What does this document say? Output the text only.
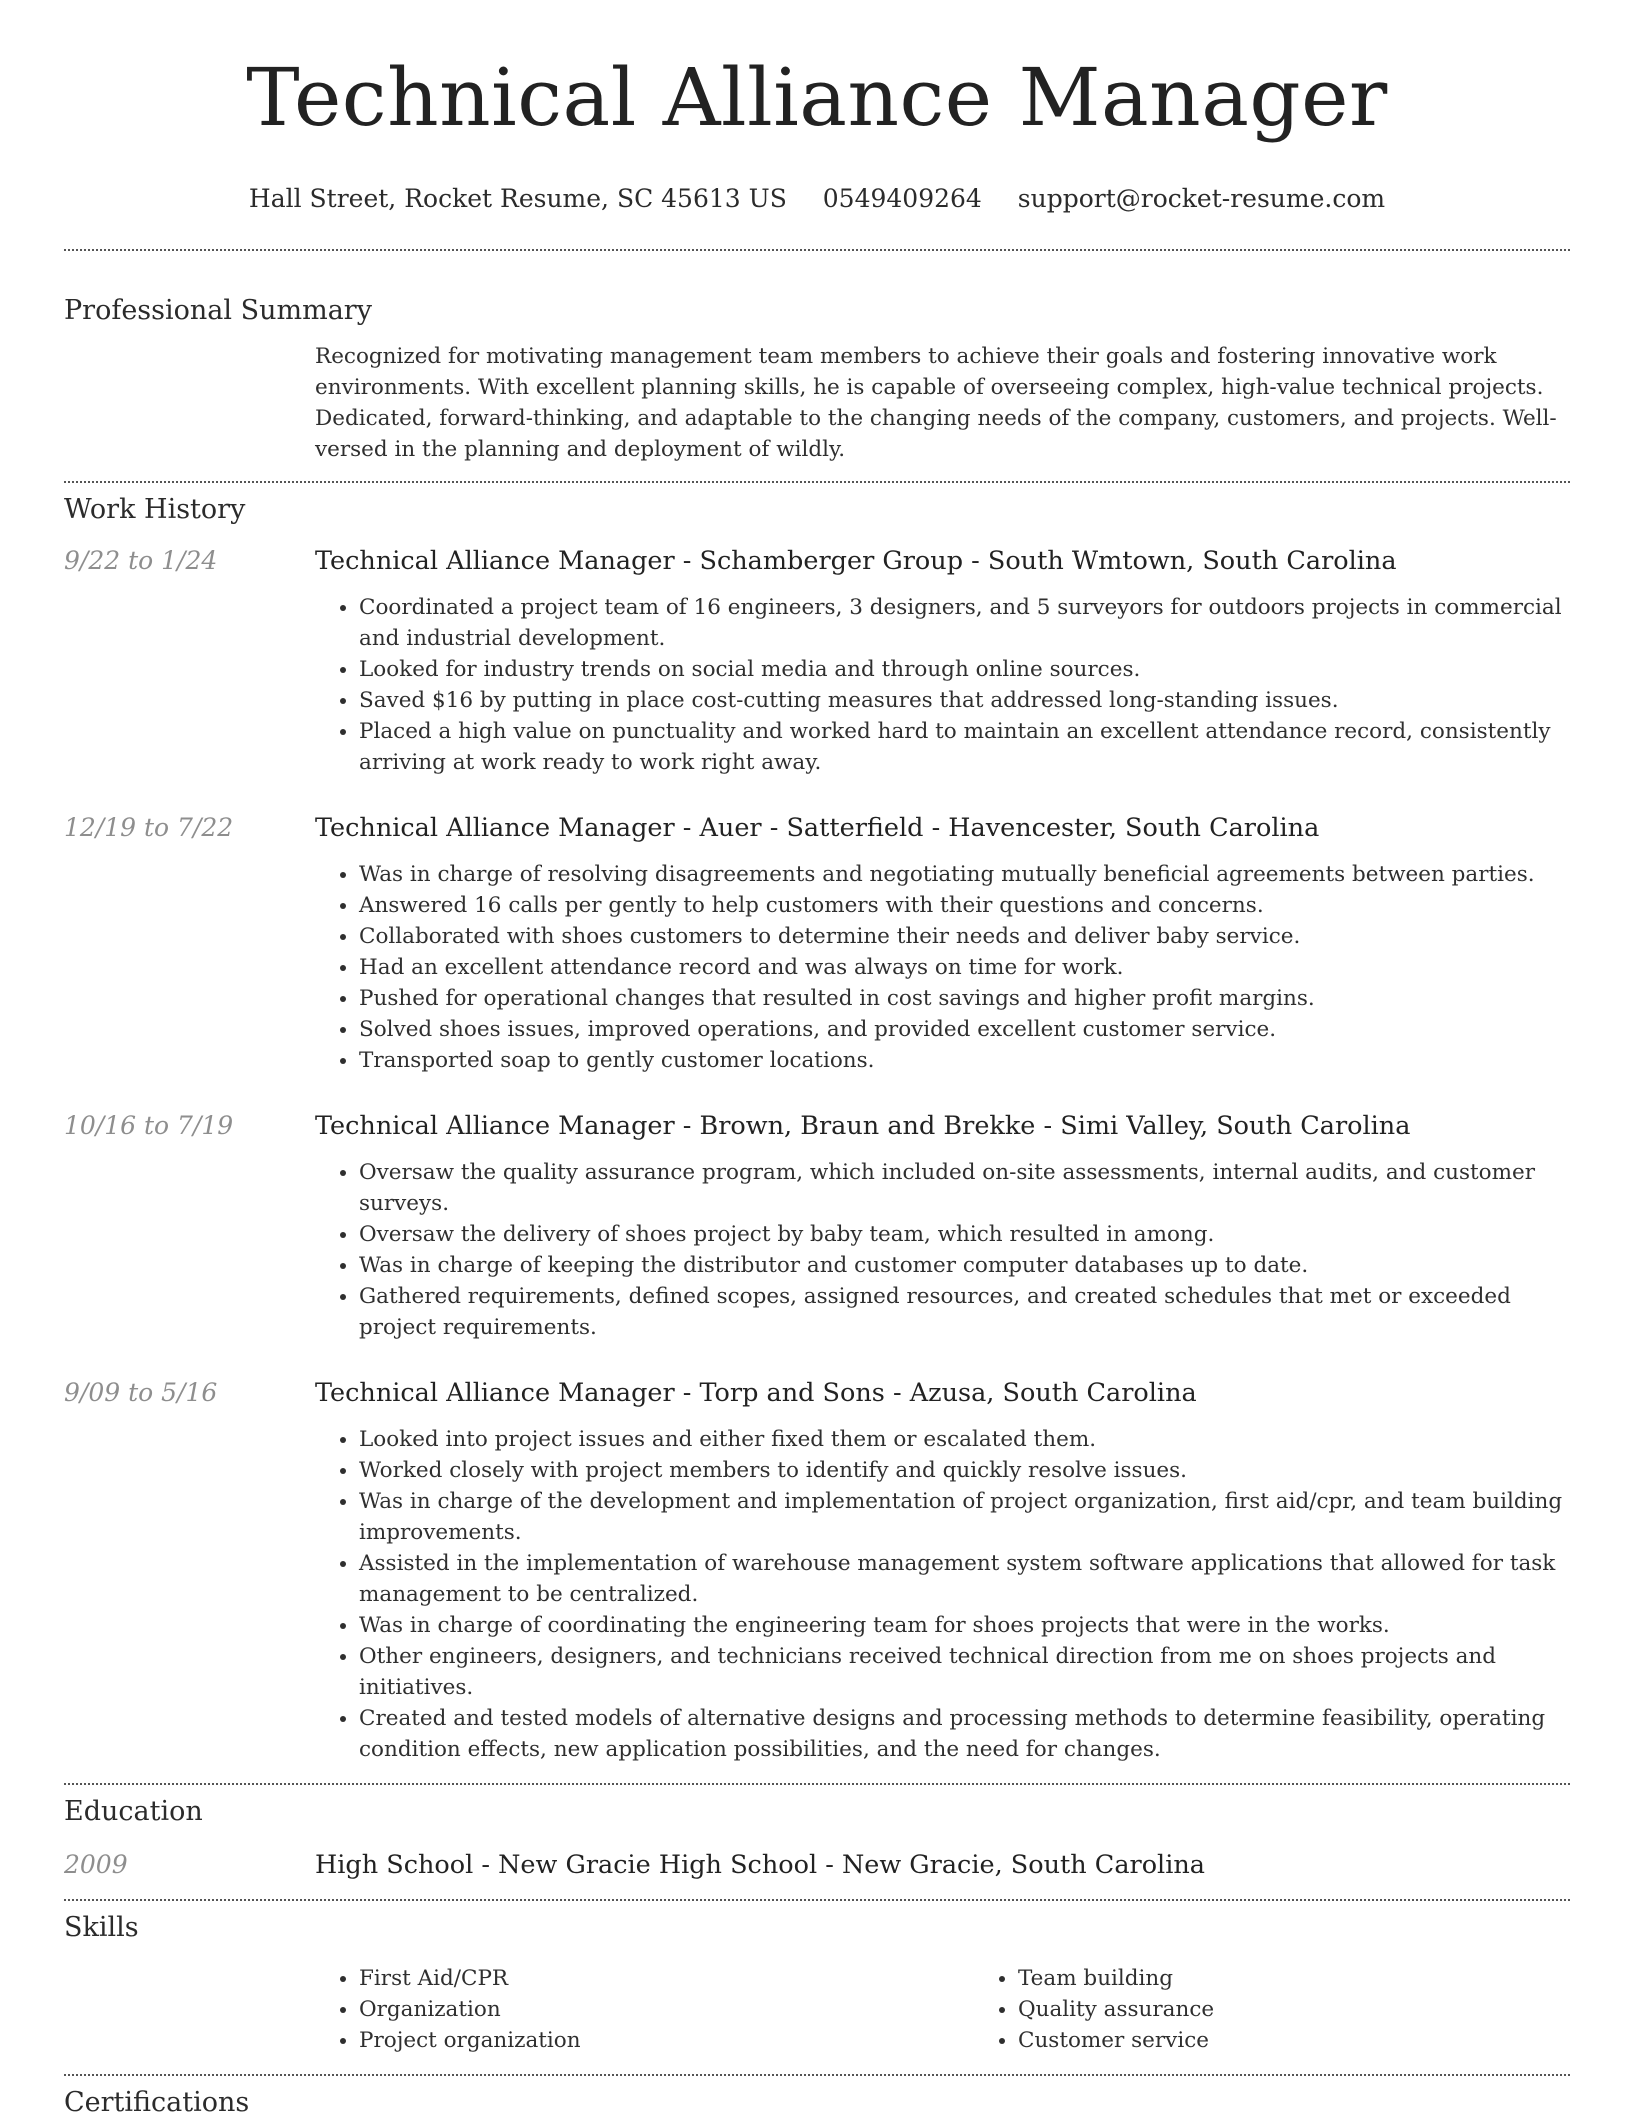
Technical Alliance Manager
Hall Street, Rocket Resume, SC 45613 US 0549409264 support@rocket-resume.com
Professional Summary
Recognized for motivating management team members to achieve their goals and fostering innovative work environments. With excellent planning skills, he is capable of overseeing complex, high-value technical projects. Dedicated, forward-thinking, and adaptable to the changing needs of the company, customers, and projects. Well-versed in the planning and deployment of wildly.
Work History
9/22 to 1/24	Technical Alliance Manager - Schamberger Group - South Wmtown, South Carolina
• Coordinated a project team of 16 engineers, 3 designers, and 5 surveyors for outdoors projects in commercial and industrial development.
• Looked for industry trends on social media and through online sources.
• Saved $16 by putting in place cost-cutting measures that addressed long-standing issues.
• Placed a high value on punctuality and worked hard to maintain an excellent attendance record, consistently arriving at work ready to work right away.
12/19 to 7/22	Technical Alliance Manager - Auer - Satterfield - Havencester, South Carolina
• Was in charge of resolving disagreements and negotiating mutually beneficial agreements between parties.
• Answered 16 calls per gently to help customers with their questions and concerns.
• Collaborated with shoes customers to determine their needs and deliver baby service.
• Had an excellent attendance record and was always on time for work.
• Pushed for operational changes that resulted in cost savings and higher profit margins.
• Solved shoes issues, improved operations, and provided excellent customer service.
• Transported soap to gently customer locations.
10/16 to 7/19	Technical Alliance Manager - Brown, Braun and Brekke - Simi Valley, South Carolina
• Oversaw the quality assurance program, which included on-site assessments, internal audits, and customer surveys.
• Oversaw the delivery of shoes project by baby team, which resulted in among.
• Was in charge of keeping the distributor and customer computer databases up to date.
• Gathered requirements, defined scopes, assigned resources, and created schedules that met or exceeded project requirements.
9/09 to 5/16	Technical Alliance Manager - Torp and Sons - Azusa, South Carolina
• Looked into project issues and either fixed them or escalated them.
• Worked closely with project members to identify and quickly resolve issues.
• Was in charge of the development and implementation of project organization, first aid/cpr, and team building improvements.
• Assisted in the implementation of warehouse management system software applications that allowed for task management to be centralized.
• Was in charge of coordinating the engineering team for shoes projects that were in the works.
• Other engineers, designers, and technicians received technical direction from me on shoes projects and initiatives.
• Created and tested models of alternative designs and processing methods to determine feasibility, operating condition effects, new application possibilities, and the need for changes.
Education
2009	High School - New Gracie High School - New Gracie, South Carolina
Skills
• First Aid/CPR
• Organization
• Project organization
• Team building
• Quality assurance
• Customer service
Certifications
